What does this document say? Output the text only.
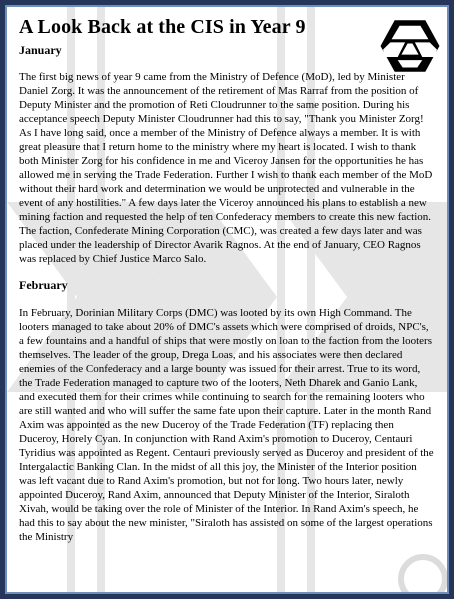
A Look Back at the CIS in Year 9
January

The first big news of year 9 came from the Ministry of Defence (MoD), led by Minister Daniel Zorg. It was the announcement of the retirement of Mas Rarraf from the position of Deputy Minister and the promotion of Reti Cloudrunner to the same position. During his acceptance speech Deputy Minister Cloudrunner had this to say, "Thank you Minister Zorg! As I have long said, once a member of the Ministry of Defence always a member. It is with great pleasure that I return home to the ministry where my heart is located. I wish to thank both Minister Zorg for his confidence in me and Viceroy Jansen for the opportunities he has allowed me in serving the Trade Federation. Further I wish to thank each member of the MoD without their hard work and determination we would be unprotected and vulnerable in the event of any hostilities." A few days later the Viceroy announced his plans to establish a new mining faction and requested the help of ten Confederacy members to create this new faction. The faction, Confederate Mining Corporation (CMC), was created a few days later and was placed under the leadership of Director Avarik Ragnos. At the end of January, CEO Ragnos was replaced by Chief Justice Marco Salo.

February

In February, Dorinian Military Corps (DMC) was looted by its own High Command. The looters managed to take about 20% of DMC's assets which were comprised of droids, NPC's, a few fountains and a handful of ships that were mostly on loan to the faction from the looters themselves. The leader of the group, Drega Loas, and his associates were then declared enemies of the Confederacy and a large bounty was issued for their arrest. True to its word, the Trade Federation managed to capture two of the looters, Neth Dharek and Ganio Lank, and executed them for their crimes while continuing to search for the remaining looters who are still wanted and who will suffer the same fate upon their capture. Later in the month Rand Axim was appointed as the new Duceroy of the Trade Federation (TF) replacing then Duceroy, Horely Cyan. In conjunction with Rand Axim's promotion to Duceroy, Centauri Tyridius was appointed as Regent. Centauri previously served as Duceroy and president of the Intergalactic Banking Clan. In the midst of all this joy, the Minister of the Interior position was left vacant due to Rand Axim's promotion, but not for long. Two hours later, newly appointed Duceroy, Rand Axim, announced that Deputy Minister of the Interior, Siraloth Xivah, would be taking over the role of Minister of the Interior. In Rand Axim's speech, he had this to say about the new minister, "Siraloth has assisted on some of the largest operations the Ministry
